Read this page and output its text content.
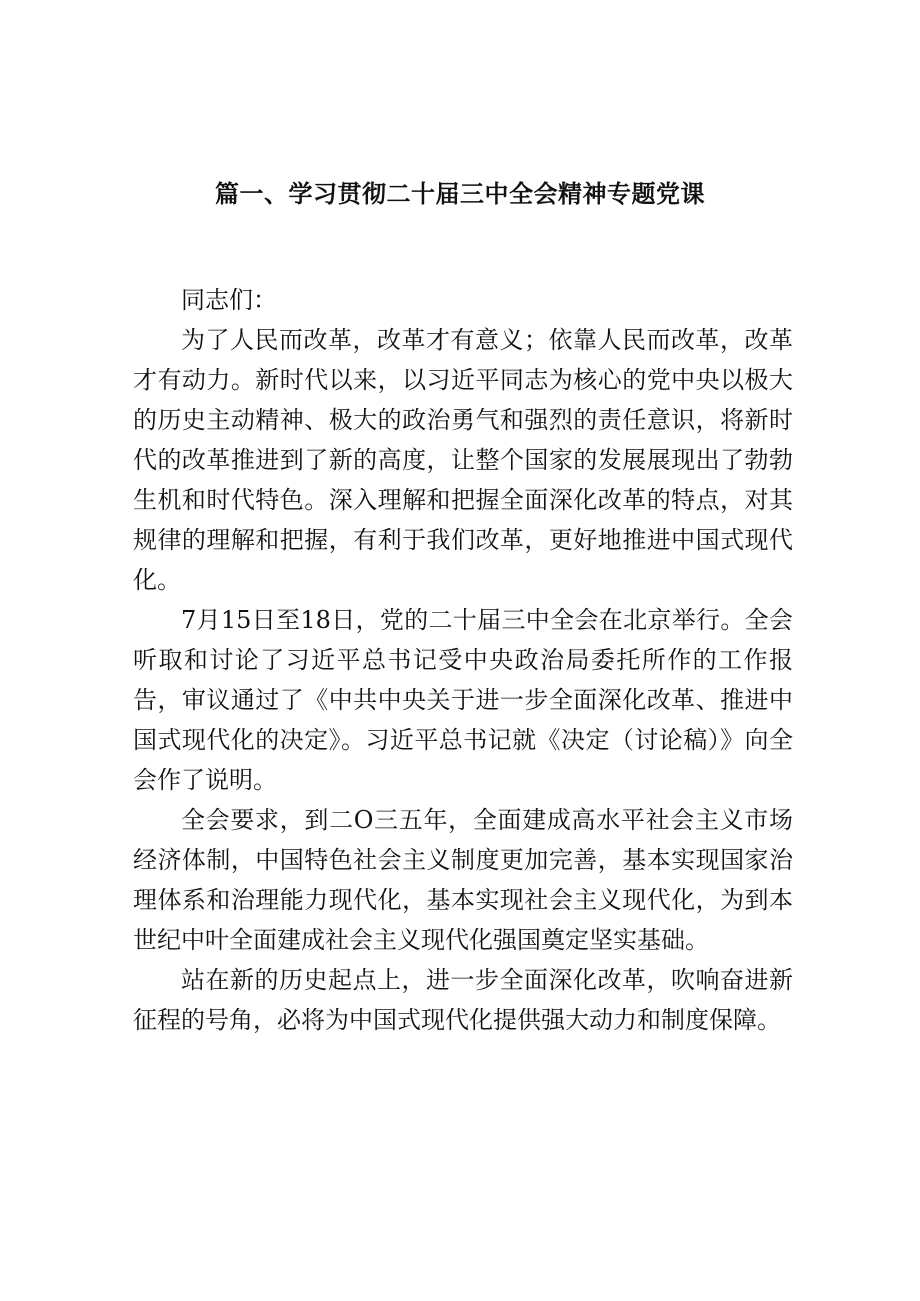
篇一、学习贯彻二十届三中全会精神专题党课

同志们：

为了人民而改革，改革才有意义；依靠人民而改革，改革才有动力。新时代以来，以习近平同志为核心的党中央以极大的历史主动精神、极大的政治勇气和强烈的责任意识，将新时代的改革推进到了新的高度，让整个国家的发展展现出了勃勃生机和时代特色。深入理解和把握全面深化改革的特点，对其规律的理解和把握，有利于我们改革，更好地推进中国式现代化。

7月15日至18日，党的二十届三中全会在北京举行。全会听取和讨论了习近平总书记受中央政治局委托所作的工作报告，审议通过了《中共中央关于进一步全面深化改革、推进中国式现代化的决定》。习近平总书记就《决定（讨论稿）》向全会作了说明。

全会要求，到二O三五年，全面建成高水平社会主义市场经济体制，中国特色社会主义制度更加完善，基本实现国家治理体系和治理能力现代化，基本实现社会主义现代化，为到本世纪中叶全面建成社会主义现代化强国奠定坚实基础。

站在新的历史起点上，进一步全面深化改革，吹响奋进新征程的号角，必将为中国式现代化提供强大动力和制度保障。
